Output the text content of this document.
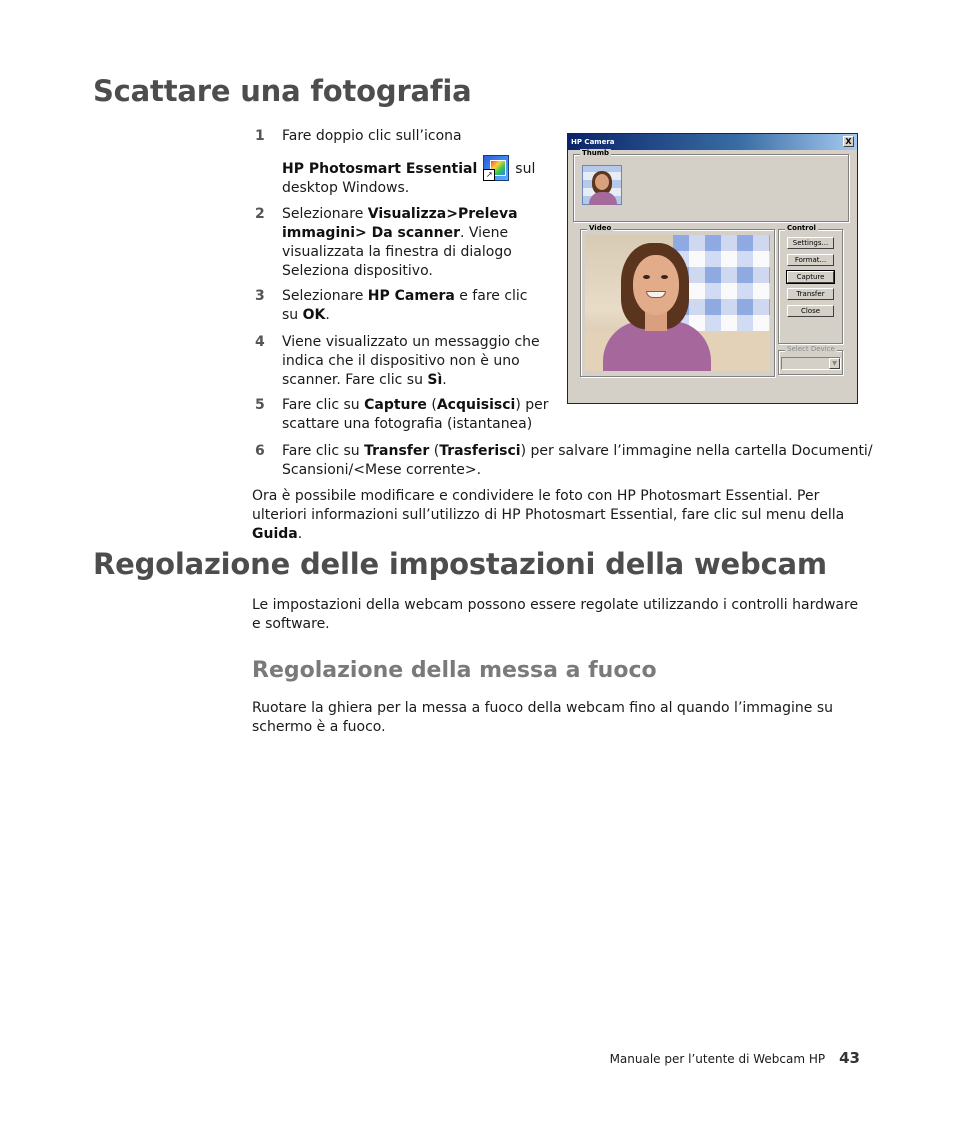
Scattare una fotografia
1	Fare doppio clic sull’icona
HP Photosmart Essential	↗ sul
desktop Windows.
2	Selezionare Visualizza>Preleva
immagini> Da scanner. Viene
visualizzata la finestra di dialogo
Seleziona dispositivo.
3	Selezionare HP Camera e fare clic
su OK.
4	Viene visualizzato un messaggio che
indica che il dispositivo non è uno
scanner. Fare clic su Sì.
5	Fare clic su Capture (Acquisisci) per
scattare una fotografia (istantanea)
6	Fare clic su Transfer (Trasferisci) per salvare l’immagine nella cartella Documenti/
Scansioni/<Mese corrente>.

Ora è possibile modificare e condividere le foto con HP Photosmart Essential. Per ulteriori informazioni sull’utilizzo di HP Photosmart Essential, fare clic sul menu della Guida.

HP Camera	X
Thumb
Video	Control
Settings...
Format...
Capture
Transfer
Close
Select Device
▼
Regolazione delle impostazioni della webcam

Le impostazioni della webcam possono essere regolate utilizzando i controlli hardware e software.

Regolazione della messa a fuoco

Ruotare la ghiera per la messa a fuoco della webcam fino al quando l’immagine su schermo è a fuoco.

Manuale per l’utente di Webcam HP 43
